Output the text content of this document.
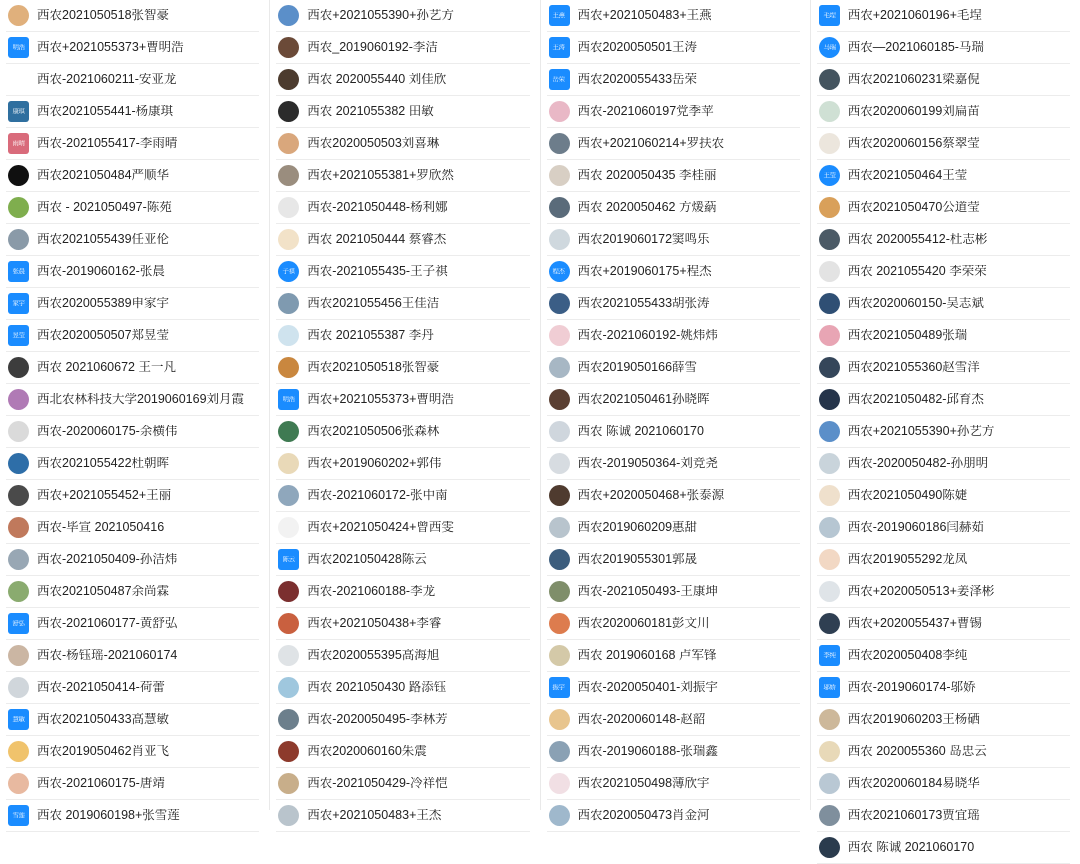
西农2021050518张智豪
明浩 西农+2021055373+曹明浩
亚龙 西农-2021060211-安亚龙
康琪 西农2021055441-杨康琪
雨晴 西农-2021055417-李雨晴
西农2021050484严顺华
西农 - 2021050497-陈苑
西农2021055439任亚伦
张晨 西农-2019060162-张晨
家宇 西农2020055389申家宇
昱莹 西农2020050507郑昱莹
西农 2021060672 王一凡
西北农林科技大学2019060169刘月霞
西农-2020060175-余横伟
西农2021055422杜朝晖
西农+2021055452+王丽
西农-毕宣 2021050416
西农-2021050409-孙洁炜
西农2021050487余尚霖
舒弘 西农-2021060177-黄舒弘
西农-杨钰瑶-2021060174
西农-2021050414-荷蕾
慧敏 西农2021050433高慧敏
西农2019050462肖亚飞
西农-2021060175-唐靖
雪莲 西农 2019060198+张雪莲
西农+2021055390+孙艺方
西农_2019060192-李洁
西农 2020055440 刘佳欣
西农 2021055382 田敏
西农2020050503刘喜琳
西农+2021055381+罗欣然
西农-2021050448-杨利娜
西农 2021050444 蔡睿杰
子祺 西农-2021055435-王子祺
西农2021055456王佳洁
西农 2021055387 李丹
西农2021050518张智豪
明浩 西农+2021055373+曹明浩
西农2021050506张森林
西农+2019060202+郭伟
西农-2021060172-张中南
西农+2021050424+曾西雯
陈云 西农2021050428陈云
西农-2021060188-李龙
西农+2021050438+李睿
西农2020055395高海旭
西农 2021050430 路添钰
西农-2020050495-李林芳
西农2020060160朱震
西农-2021050429-冷祥恺
西农+2021050483+王杰
王燕 西农+2021050483+王燕
王涛 西农2020050501王涛
岳荣 西农2020055433岳荣
西农-2021060197党季苹
西农+2021060214+罗扶农
西农 2020050435 李桂丽
西农 2020050462 方煖蒳
西农2019060172窦鸣乐
程杰 西农+2019060175+程杰
西农2021055433胡张涛
西农-2021060192-姚炜炜
西农2019050166薛雪
西农2021050461孙晓晖
西农 陈诚 2021060170
西农-2019050364-刘竞尧
西农+2020050468+张泰源
西农2019060209惠甜
西农2019055301郭晟
西农-2021050493-王康坤
西农2020060181彭文川
西农 2019060168 卢军锋
振宇 西农-2020050401-刘振宇
西农-2020060148-赵韶
西农-2019060188-张瑞鑫
西农2021050498薄欣宇
西农2020050473肖金河
毛埕 西农+2021060196+毛埕
马瑞 西农—2021060185-马瑞
西农2021060231梁嘉倪
西农2020060199刘扁苗
西农2020060156蔡翠莹
王莹 西农2021050464王莹
西农2021050470公道莹
西农 2020055412-杜志彬
西农 2021055420 李荣荣
西农2020060150-吴志斌
西农2021050489张瑞
西农2021055360赵雪洋
西农2021050482-邱育杰
西农+2021055390+孙艺方
西农-2020050482-孙朋明
西农2021050490陈婕
西农-2019060186闫赫茹
西农2019055292龙凤
西农+2020050513+姜泽彬
西农+2020055437+曹锡
李纯 西农2020050408李纯
邬娇 西农-2019060174-邬娇
西农2019060203王杨硒
西农 2020055360 岛忠云
西农2020060184易晓华
西农2021060173贾宜瑶
西农 陈诚 2021060170
